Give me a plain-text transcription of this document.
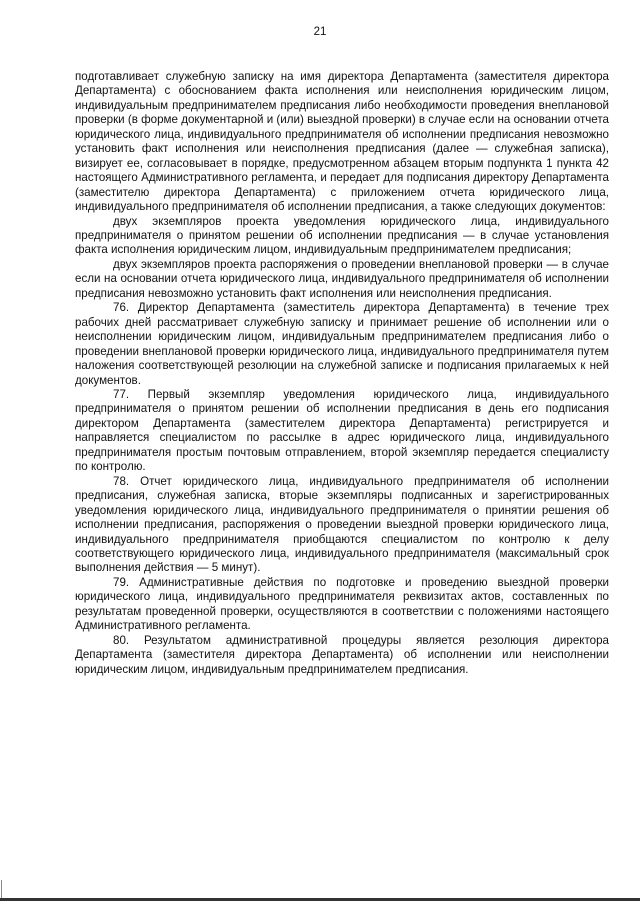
21

подготавливает служебную записку на имя директора Департамента (заместителя директора Департамента) с обоснованием факта исполнения или неисполнения юридическим лицом, индивидуальным предпринимателем предписания либо необходимости проведения внеплановой проверки (в форме документарной и (или) выездной проверки) в случае если на основании отчета юридического лица, индивидуального предпринимателя об исполнении предписания невозможно установить факт исполнения или неисполнения предписания (далее — служебная записка), визирует ее, согласовывает в порядке, предусмотренном абзацем вторым подпункта 1 пункта 42 настоящего Административного регламента, и передает для подписания директору Департамента (заместителю директора Департамента) с приложением отчета юридического лица, индивидуального предпринимателя об исполнении предписания, а также следующих документов:

двух экземпляров проекта уведомления юридического лица, индивидуального предпринимателя о принятом решении об исполнении предписания — в случае установления факта исполнения юридическим лицом, индивидуальным предпринимателем предписания;

двух экземпляров проекта распоряжения о проведении внеплановой проверки — в случае если на основании отчета юридического лица, индивидуального предпринимателя об исполнении предписания невозможно установить факт исполнения или неисполнения предписания.

76. Директор Департамента (заместитель директора Департамента) в течение трех рабочих дней рассматривает служебную записку и принимает решение об исполнении или о неисполнении юридическим лицом, индивидуальным предпринимателем предписания либо о проведении внеплановой проверки юридического лица, индивидуального предпринимателя путем наложения соответствующей резолюции на служебной записке и подписания прилагаемых к ней документов.

77. Первый экземпляр уведомления юридического лица, индивидуального предпринимателя о принятом решении об исполнении предписания в день его подписания директором Департамента (заместителем директора Департамента) регистрируется и направляется специалистом по рассылке в адрес юридического лица, индивидуального предпринимателя простым почтовым отправлением, второй экземпляр передается специалисту по контролю.

78. Отчет юридического лица, индивидуального предпринимателя об исполнении предписания, служебная записка, вторые экземпляры подписанных и зарегистрированных уведомления юридического лица, индивидуального предпринимателя о принятии решения об исполнении предписания, распоряжения о проведении выездной проверки юридического лица, индивидуального предпринимателя приобщаются специалистом по контролю к делу соответствующего юридического лица, индивидуального предпринимателя (максимальный срок выполнения действия — 5 минут).

79. Административные действия по подготовке и проведению выездной проверки юридического лица, индивидуального предпринимателя реквизитах актов, составленных по результатам проведенной проверки, осуществляются в соответствии с положениями настоящего Административного регламента.

80. Результатом административной процедуры является резолюция директора Департамента (заместителя директора Департамента) об исполнении или неисполнении юридическим лицом, индивидуальным предпринимателем предписания.
